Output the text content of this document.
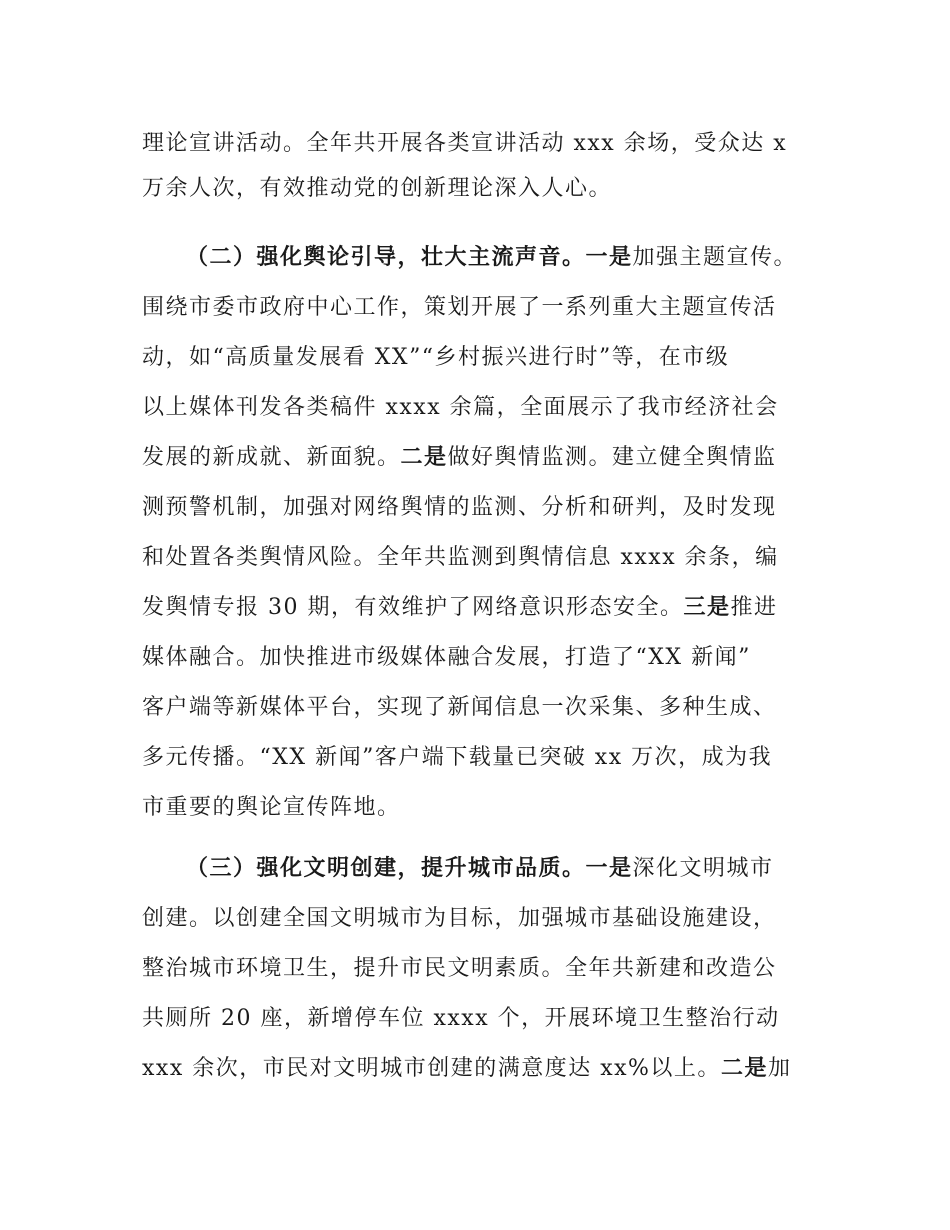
理论宣讲活动。全年共开展各类宣讲活动 xxx 余场，受众达 x
万余人次，有效推动党的创新理论深入人心。
（二）强化舆论引导，壮大主流声音。一是加强主题宣传。
围绕市委市政府中心工作，策划开展了一系列重大主题宣传活
动，如“高质量发展看 XX”“乡村振兴进行时”等，在市级
以上媒体刊发各类稿件 xxxx 余篇，全面展示了我市经济社会
发展的新成就、新面貌。二是做好舆情监测。建立健全舆情监
测预警机制，加强对网络舆情的监测、分析和研判，及时发现
和处置各类舆情风险。全年共监测到舆情信息 xxxx 余条，编
发舆情专报 30 期，有效维护了网络意识形态安全。三是推进
媒体融合。加快推进市级媒体融合发展，打造了“XX 新闻”
客户端等新媒体平台，实现了新闻信息一次采集、多种生成、
多元传播。“XX 新闻”客户端下载量已突破 xx 万次，成为我
市重要的舆论宣传阵地。
（三）强化文明创建，提升城市品质。一是深化文明城市
创建。以创建全国文明城市为目标，加强城市基础设施建设，
整治城市环境卫生，提升市民文明素质。全年共新建和改造公
共厕所 20 座，新增停车位 xxxx 个，开展环境卫生整治行动
xxx 余次，市民对文明城市创建的满意度达 xx%以上。二是加
